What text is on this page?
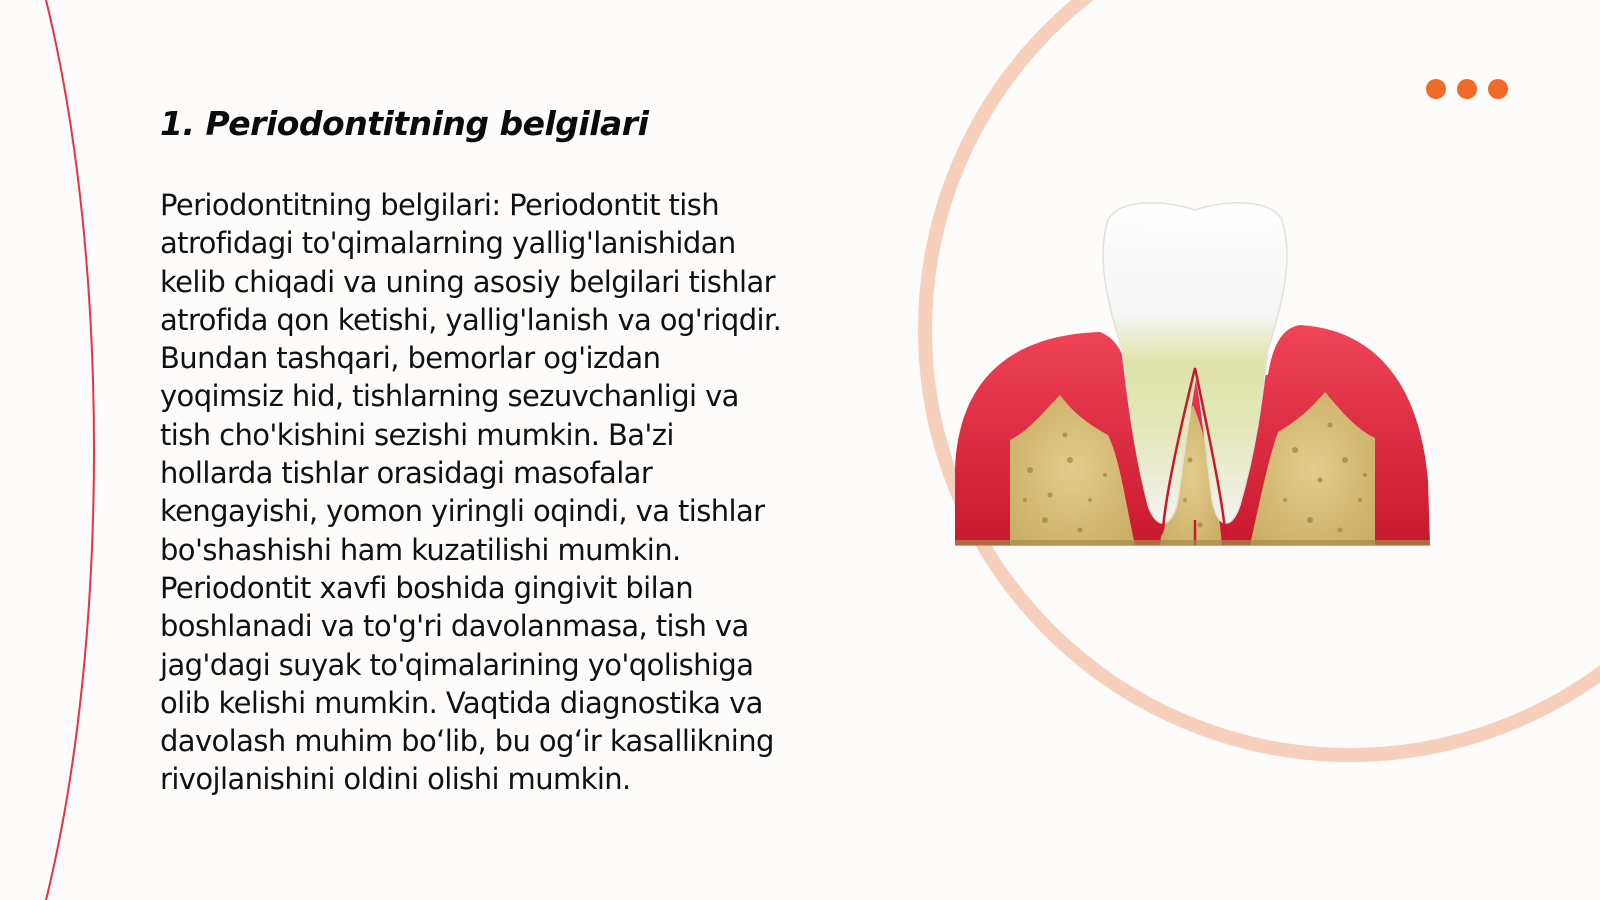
1. Periodontitning belgilari
Periodontitning belgilari: Periodontit tish
atrofidagi to'qimalarning yallig'lanishidan
kelib chiqadi va uning asosiy belgilari tishlar
atrofida qon ketishi, yallig'lanish va og'riqdir.
Bundan tashqari, bemorlar og'izdan
yoqimsiz hid, tishlarning sezuvchanligi va
tish cho'kishini sezishi mumkin. Ba'zi
hollarda tishlar orasidagi masofalar
kengayishi, yomon yiringli oqindi, va tishlar
bo'shashishi ham kuzatilishi mumkin.
Periodontit xavfi boshida gingivit bilan
boshlanadi va to'g'ri davolanmasa, tish va
jag'dagi suyak to'qimalarining yo'qolishiga
olib kelishi mumkin. Vaqtida diagnostika va
davolash muhim bo‘lib, bu og‘ir kasallikning
rivojlanishini oldini olishi mumkin.
